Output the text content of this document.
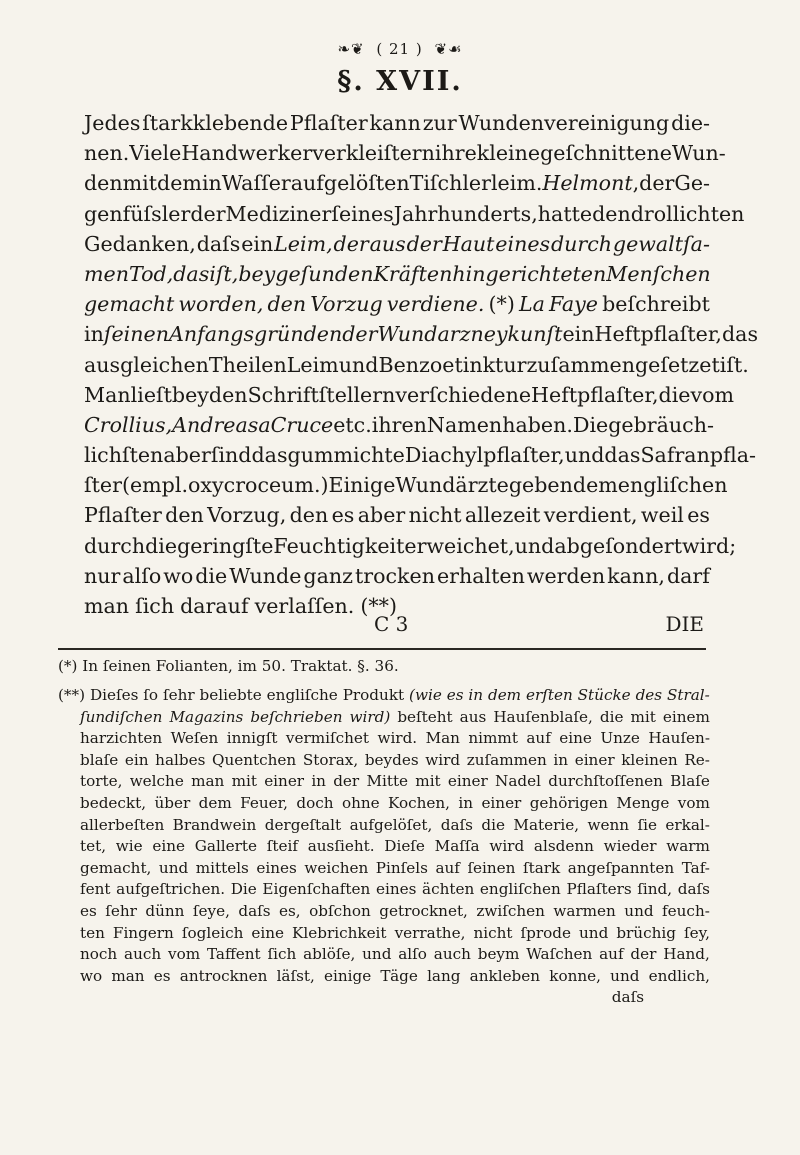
❧❦ ( 21 ) ❦☙
§. XVII.
Jedes ſtarkklebende Pflaſter kann zur Wundenvereinigung die-
nen. Viele Handwerker verkleiſtern ihre kleine geſchnittene Wun-
den mit dem in Waſſer aufgelöſten Tiſchlerleim. Helmont , der Ge-
genfüſsler der Mediziner ſeines Jahrhunderts, hatte den drollichten
Gedanken, daſs ein Leim, der aus der Haut eines durch gewaltſa-
men Tod, das iſt, bey geſunden Kräften hingerichteten Menſchen
gemacht worden, den Vorzug verdiene. (*) La Faye beſchreibt
in ſeinen Anfangsgründen der Wundarzneykunſt ein Heftpflaſter, das
aus gleichen Theilen Leim und Benzoetinktur zuſammengeſetzet iſt.
Man lieſt bey den Schriftſtellern verſchiedene Heftpflaſter, die vom
Crollius, Andreas a Cruce etc. ihren Namen haben. Die gebräuch-
lichſten aber ſind das gummichte Diachylpflaſter, und das Safranpfla-
ſter (empl. oxycroceum.) Einige Wundärzte geben dem engliſchen
Pflaſter den Vorzug, den es aber nicht allezeit verdient, weil es
durch die geringſte Feuchtigkeit erweichet, und abgeſondert wird ;
nur alſo wo die Wunde ganz trocken erhalten werden kann, darf
man ſich darauf verlaſſen. (**)
C 3	DIE
(*) In ſeinen Folianten, im 50. Traktat. §. 36.
(**) Dieſes ſo ſehr beliebte engliſche Produkt (wie es in dem erſten Stücke des Stral-
ſundiſchen Magazins beſchrieben wird) beſteht aus Hauſenblaſe, die mit einem
harzichten Weſen innigſt vermiſchet wird. Man nimmt auf eine Unze Hauſen-
blaſe ein halbes Quentchen Storax, beydes wird zuſammen in einer kleinen Re-
torte, welche man mit einer in der Mitte mit einer Nadel durchſtoſſenen Blaſe
bedeckt, über dem Feuer, doch ohne Kochen, in einer gehörigen Menge vom
allerbeſten Brandwein dergeſtalt aufgelöſet, daſs die Materie, wenn ſie erkal-
tet, wie eine Gallerte ſteif ausſieht. Dieſe Maſſa wird alsdenn wieder warm
gemacht, und mittels eines weichen Pinſels auf ſeinen ſtark angeſpannten Taf-
fent aufgeſtrichen. Die Eigenſchaften eines ächten engliſchen Pflaſters ſind, daſs
es ſehr dünn ſeye, daſs es, obſchon getrocknet, zwiſchen warmen und feuch-
ten Fingern ſogleich eine Klebrichkeit verrathe, nicht ſprode und brüchig ſey,
noch auch vom Taffent ſich ablöſe, und alſo auch beym Waſchen auf der Hand,
wo man es antrocknen läſst, einige Täge lang ankleben konne, und endlich,
daſs
